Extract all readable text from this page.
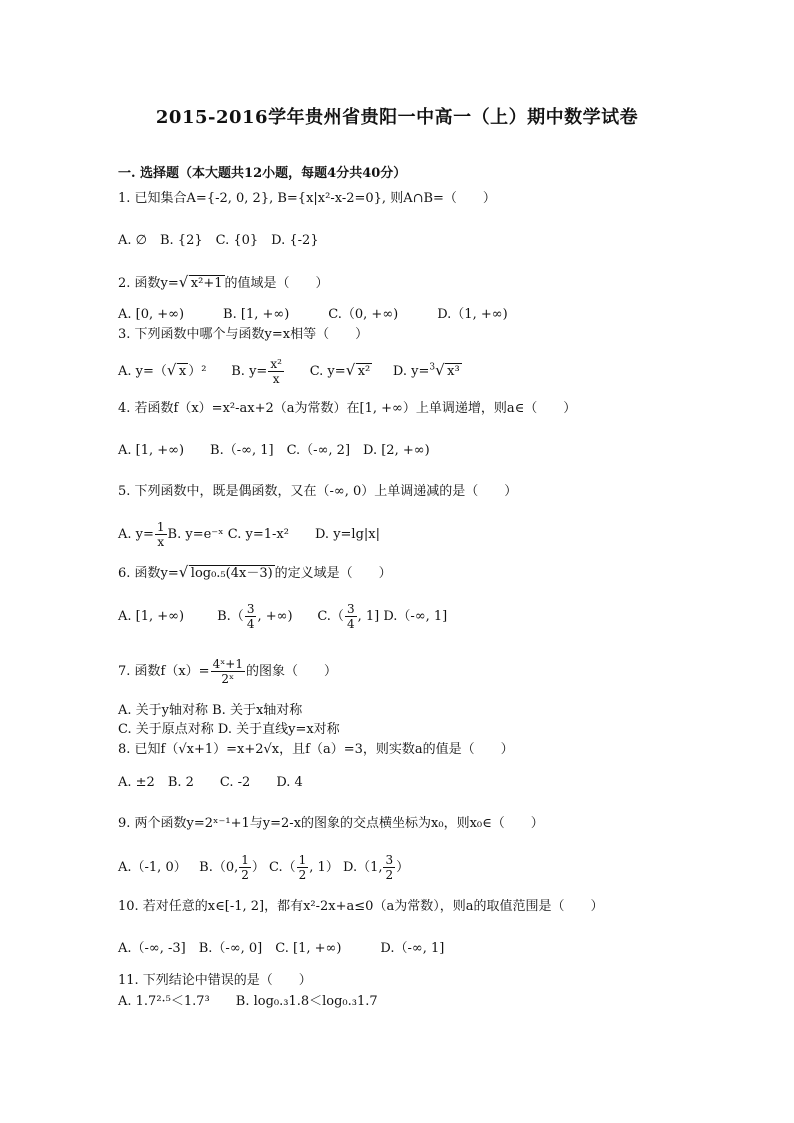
2015-2016学年贵州省贵阳一中高一（上）期中数学试卷
一. 选择题（本大题共12小题，每题4分共40分）
1. 已知集合A={-2, 0, 2}, B={x|x²-x-2=0}, 则A∩B=（　　）
A. ∅　B. {2}　C. {0}　D. {-2}
2. 函数y= √ x²+1 的值域是（　　）
A. [0, +∞)　　　B. [1, +∞)　　　C.（0, +∞)　　　D.（1, +∞)
3. 下列函数中哪个与函数y=x相等（　　）
A. y=（ √ x ）² B. $y= \frac{\text{x²}}{x} C$. y= √ x² D. y=$^3$ √ x³
4. 若函数f（x）=x²-ax+2（a为常数）在[1, +∞）上单调递增，则a∈（　　）
A. [1, +∞)　　B.（-∞, 1]　C.（-∞, 2]　D. [2, +∞)
5. 下列函数中，既是偶函数，又在（-∞, 0）上单调递减的是（　　）
A. $y= \frac{1}{x} B$. y=e⁻ˣ C. y=1-x²　　D. y=lg|x|
6. 函数y= √ log₀.₅(4x－3) 的定义域是（　　）
A. [1, +∞)	$B.( \frac{3}{4}$ , +∞) $C.( \frac{3}{4}$ , 1] D.（-∞, 1]
7. 函数$f(x)= \frac{\text{4ˣ+1}}{\text{2ˣ}}$ 的图象（　　）
A. 关于y轴对称 B. 关于x轴对称
C. 关于原点对称 D. 关于直线y=x对称
8. 已知f（√x+1）=x+2√x，且f（a）=3，则实数a的值是（　　）
A. ±2　B. 2　　C. -2　　D. 4
9. 两个函数y=2ˣ⁻¹+1与y=2-x的图象的交点横坐标为x₀，则x₀∈（　　）
A.（-1, 0） B.（0, $\frac{1}{2}$ ） $C.( \frac{1}{2}$ , 1） D.（1, $\frac{3}{2}$ ）
10. 若对任意的x∈[-1, 2]，都有x²-2x+a≤0（a为常数），则a的取值范围是（　　）
A.（-∞, -3]　B.（-∞, 0]　C. [1, +∞)　　　D.（-∞, 1]
11. 下列结论中错误的是（　　）
A. 1.7²·⁵＜1.7³　　B. log₀.₃1.8＜log₀.₃1.7
